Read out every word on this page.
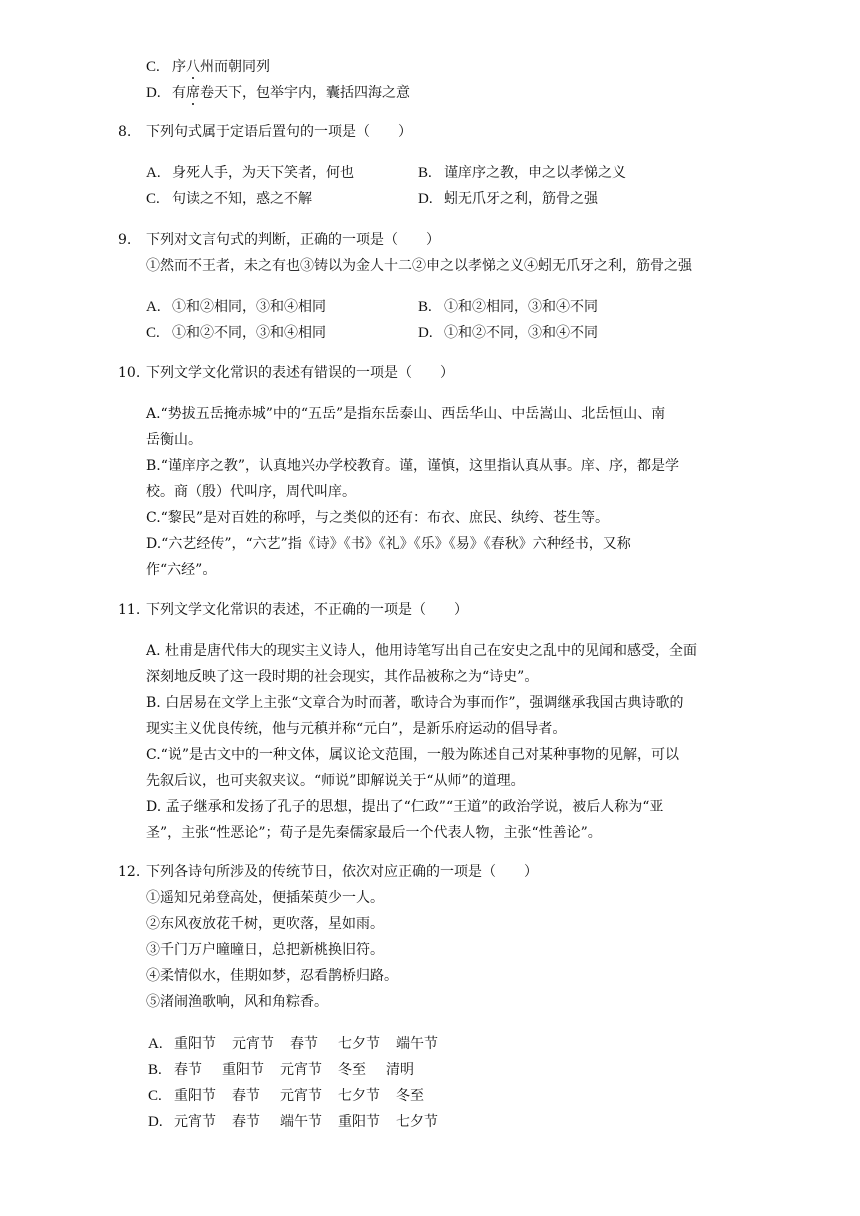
C. 序八州而朝同列
D. 有席卷天下，包举宇内，囊括四海之意
8. 下列句式属于定语后置句的一项是（　　）
A. 身死人手，为天下笑者，何也	B. 谨庠序之教，申之以孝悌之义
C. 句读之不知，惑之不解	D. 蚓无爪牙之利，筋骨之强
9. 下列对文言句式的判断，正确的一项是（　　）
①然而不王者，未之有也③铸以为金人十二②申之以孝悌之义④蚓无爪牙之利，筋骨之强
A. ①和②相同，③和④相同	B. ①和②相同，③和④不同
C. ①和②不同，③和④相同	D. ①和②不同，③和④不同
10. 下列文学文化常识的表述有错误的一项是（　　）
A.“势拔五岳掩赤城”中的“五岳”是指东岳泰山、西岳华山、中岳嵩山、北岳恒山、南
岳衡山。
B.“谨庠序之教”，认真地兴办学校教育。谨，谨慎，这里指认真从事。庠、序，都是学
校。商（殷）代叫序，周代叫庠。
C.“黎民”是对百姓的称呼，与之类似的还有：布衣、庶民、纨绔、苍生等。
D.“六艺经传”，“六艺”指《诗》《书》《礼》《乐》《易》《春秋》六种经书，又称
作“六经”。
11. 下列文学文化常识的表述，不正确的一项是（　　）
A. 杜甫是唐代伟大的现实主义诗人，他用诗笔写出自己在安史之乱中的见闻和感受，全面
深刻地反映了这一段时期的社会现实，其作品被称之为“诗史”。
B. 白居易在文学上主张“文章合为时而著，歌诗合为事而作”，强调继承我国古典诗歌的
现实主义优良传统，他与元稹并称“元白”，是新乐府运动的倡导者。
C.“说”是古文中的一种文体，属议论文范围，一般为陈述自己对某种事物的见解，可以
先叙后议，也可夹叙夹议。“师说”即解说关于“从师”的道理。
D. 孟子继承和发扬了孔子的思想，提出了“仁政”“王道”的政治学说，被后人称为“亚
圣”，主张“性恶论”；荀子是先秦儒家最后一个代表人物，主张“性善论”。
12. 下列各诗句所涉及的传统节日，依次对应正确的一项是（　　）
①遥知兄弟登高处，便插茱萸少一人。
②东风夜放花千树，更吹落，星如雨。
③千门万户曈曈日，总把新桃换旧符。
④柔情似水，佳期如梦，忍看鹊桥归路。
⑤渚闹渔歌响，风和角粽香。
A. 重阳节 元宵节 春节 七夕节 端午节
B. 春节 重阳节 元宵节 冬至 清明
C. 重阳节 春节 元宵节 七夕节 冬至
D. 元宵节 春节 端午节 重阳节 七夕节
